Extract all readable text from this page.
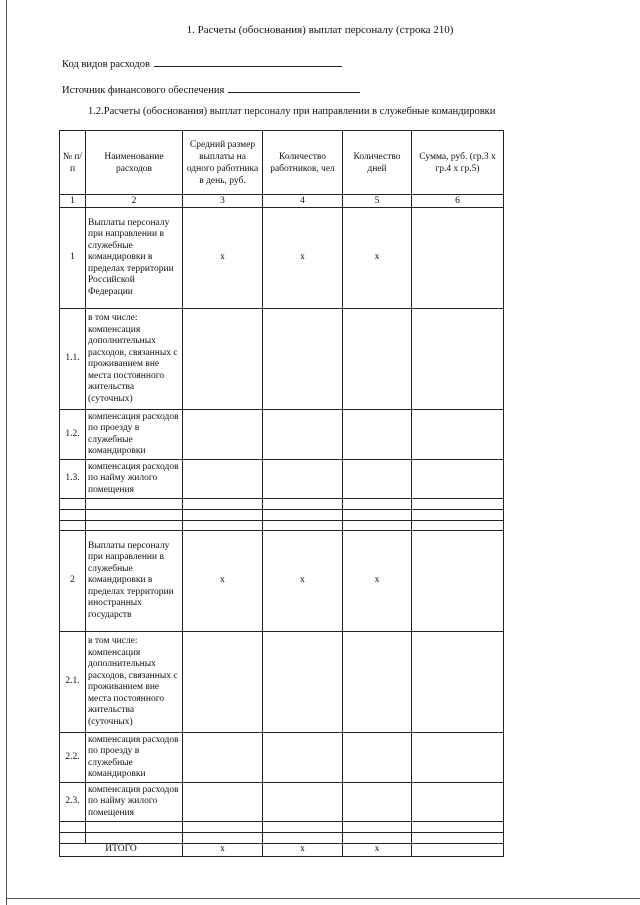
1. Расчеты (обоснования) выплат персоналу (строка 210)
Код видов расходов
Источник финансового обеспечения
1.2.Расчеты (обоснования) выплат персоналу при направлении в служебные командировки
№ п/п	Наименование расходов	Средний размер выплаты на одного работника в день, руб.	Количество работников, чел	Количество дней	Сумма, руб. (гр.3 х гр.4 х гр.5)
1	2	3	4	5	6
1	Выплаты персоналу при направлении в служебные командировки в пределах территории Российской Федерации	x	x	x	
1.1.	в том числе: компенсация дополнительных расходов, связанных с проживанием вне места постоянного жительства (суточных)				
1.2.	компенсация расходов по проезду в служебные командировки				
1.3.	компенсация расходов по найму жилого помещения				

2	Выплаты персоналу при направлении в служебные командировки в пределах территории иностранных государств	x	x	x	
2.1.	в том числе: компенсация дополнительных расходов, связанных с проживанием вне места постоянного жительства (суточных)				
2.2.	компенсация расходов по проезду в служебные командировки				
2.3.	компенсация расходов по найму жилого помещения				

ИТОГО		x	x	x	
